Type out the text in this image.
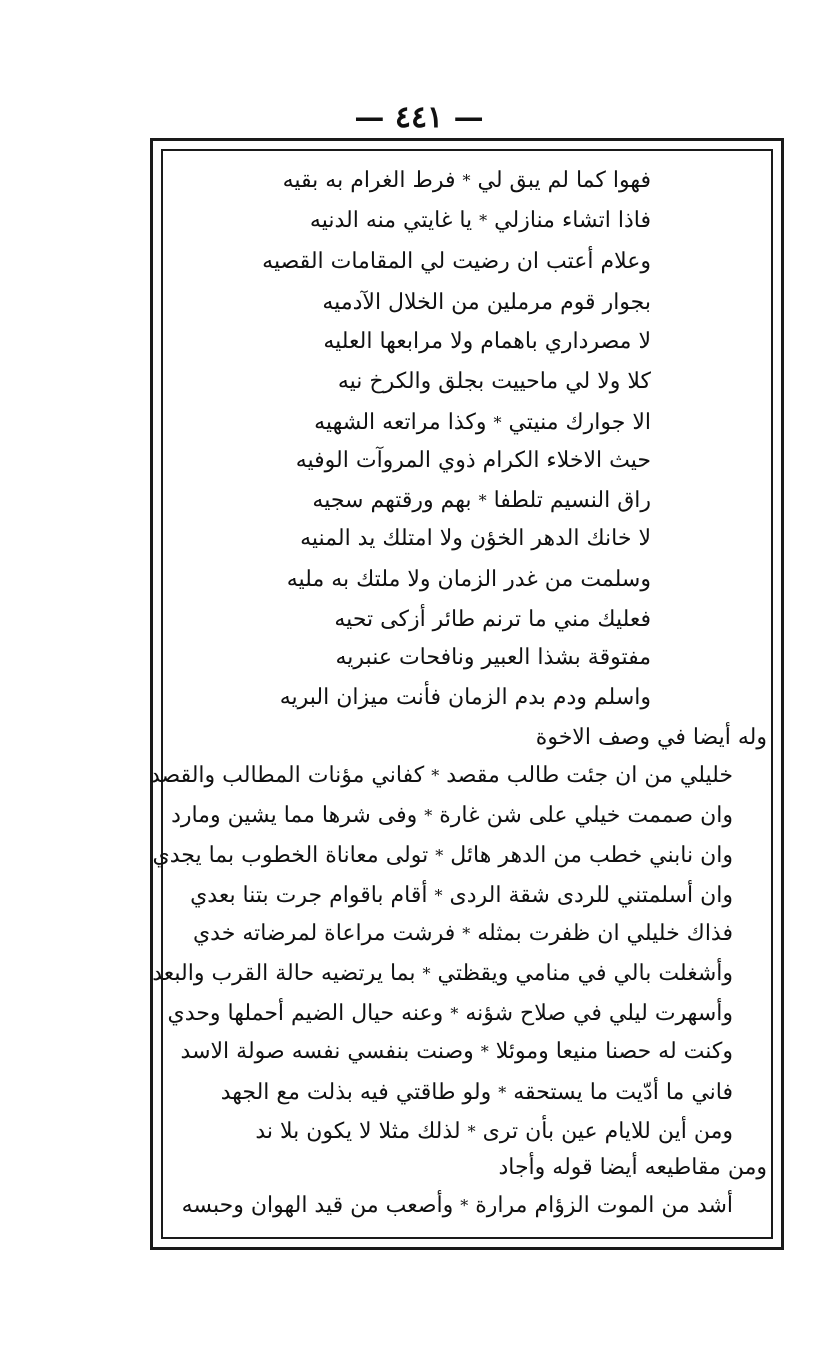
— ٤٤١ —
فهوا كما لم يبق لي * فرط الغرام به بقيه
فاذا اتشاء منازلي * يا غايتي منه الدنيه
وعلام أعتب ان رضيت لي المقامات القصيه
بجوار قوم مرملين من الخلال الآدميه
لا مصرداري باهمام ولا مرابعها العليه
كلا ولا لي ماحييت بجلق والكرخ نيه
الا جوارك منيتي * وكذا مراتعه الشهيه
حيث الاخلاء الكرام ذوي المروآت الوفيه
راق النسيم تلطفا * بهم ورقتهم سجيه
لا خانك الدهر الخؤن ولا امتلك يد المنيه
وسلمت من غدر الزمان ولا ملتك به مليه
فعليك مني ما ترنم طائر أزكى تحيه
مفتوقة بشذا العبير ونافحات عنبريه
واسلم ودم بدم الزمان فأنت ميزان البريه
وله أيضا في وصف الاخوة
خليلي من ان جئت طالب مقصد * كفاني مؤنات المطالب والقصد
وان صممت خيلي على شن غارة * وفى شرها مما يشين ومارد
وان نابني خطب من الدهر هائل * تولى معاناة الخطوب بما يجدي
وان أسلمتني للردى شقة الردى * أقام باقوام جرت بتنا بعدي
فذاك خليلي ان ظفرت بمثله * فرشت مراعاة لمرضاته خدي
وأشغلت بالي في منامي ويقظتي * بما يرتضيه حالة القرب والبعد
وأسهرت ليلي في صلاح شؤنه * وعنه حيال الضيم أحملها وحدي
وكنت له حصنا منيعا وموئلا * وصنت بنفسي نفسه صولة الاسد
فاني ما أدّيت ما يستحقه * ولو طاقتي فيه بذلت مع الجهد
ومن أين للايام عين بأن ترى * لذلك مثلا لا يكون بلا ند
ومن مقاطيعه أيضا قوله وأجاد
أشد من الموت الزؤام مرارة * وأصعب من قيد الهوان وحبسه
